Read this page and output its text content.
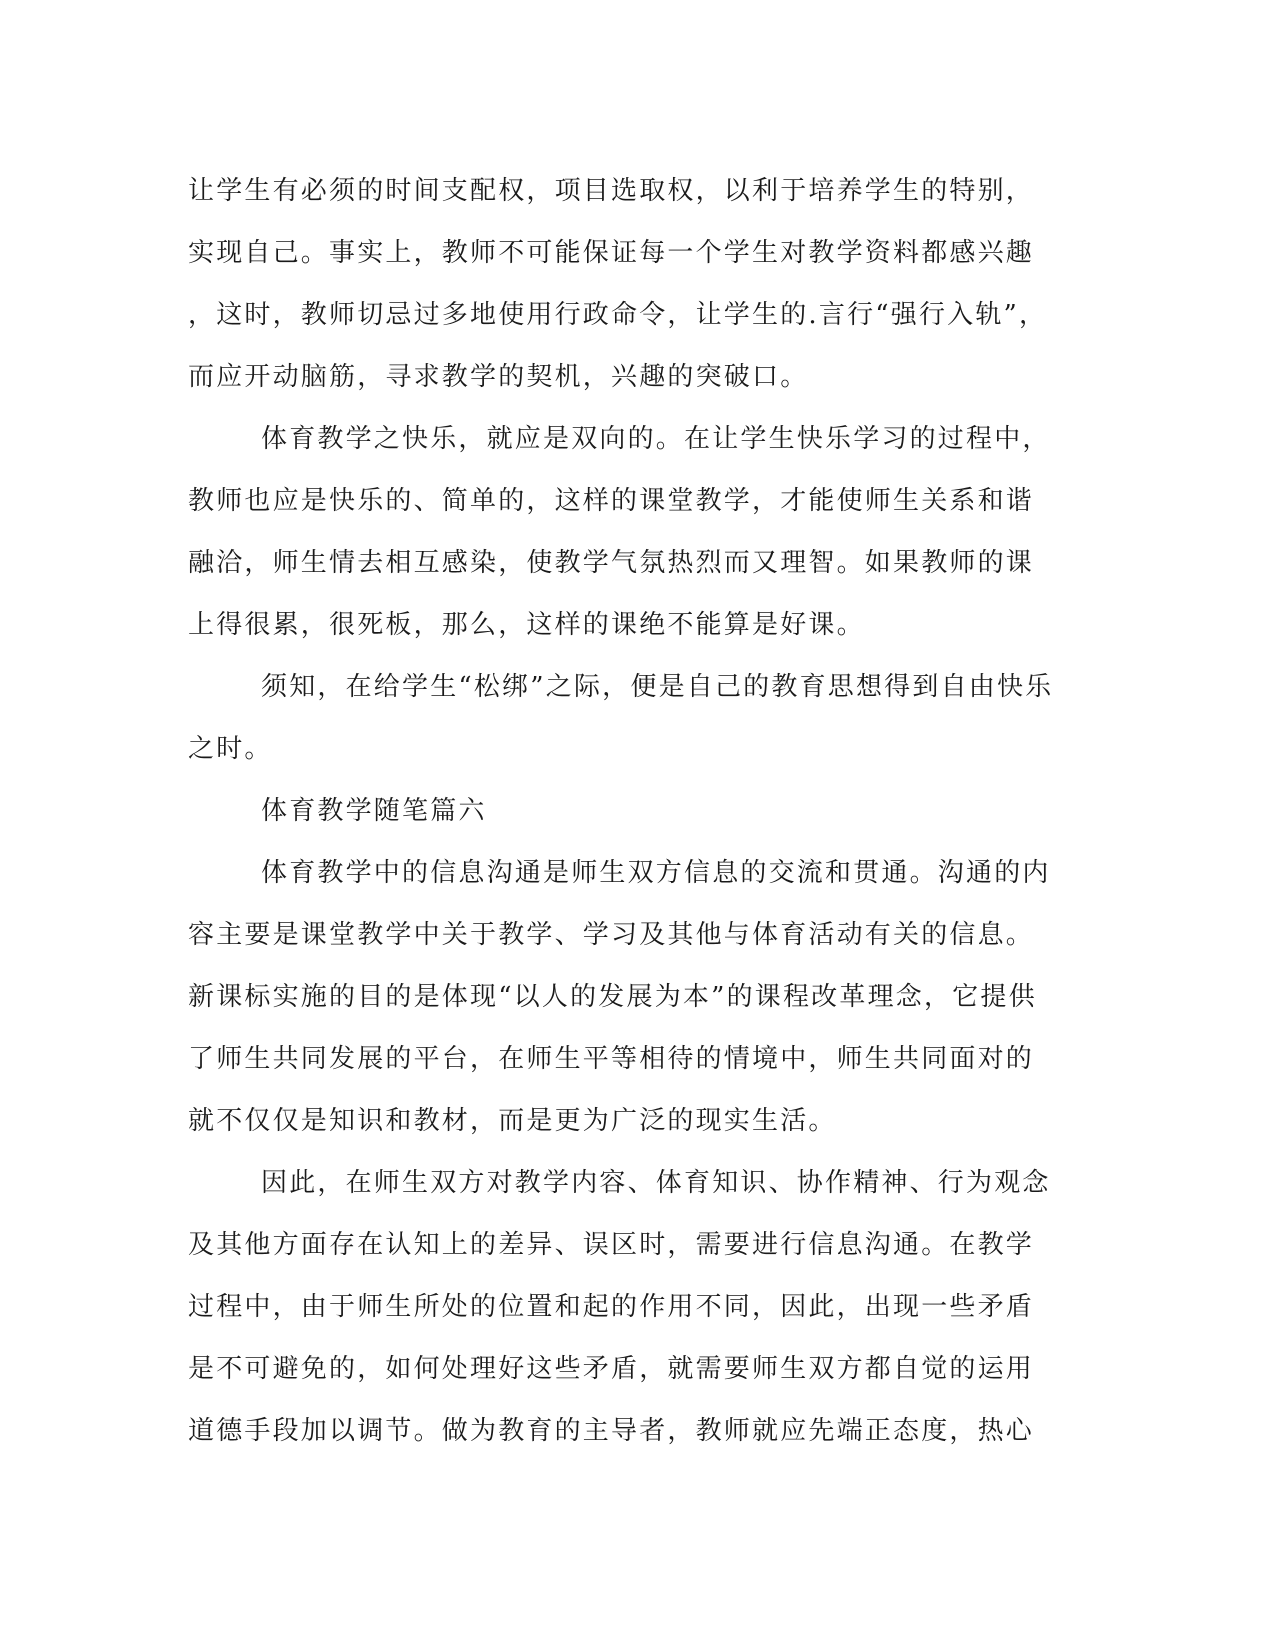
让学生有必须的时间支配权，项目选取权，以利于培养学生的特别，
实现自己。事实上，教师不可能保证每一个学生对教学资料都感兴趣
，这时，教师切忌过多地使用行政命令，让学生的.言行“强行入轨”，
而应开动脑筋，寻求教学的契机，兴趣的突破口。
体育教学之快乐，就应是双向的。在让学生快乐学习的过程中，
教师也应是快乐的、简单的，这样的课堂教学，才能使师生关系和谐
融洽，师生情去相互感染，使教学气氛热烈而又理智。如果教师的课
上得很累，很死板，那么，这样的课绝不能算是好课。
须知，在给学生“松绑”之际，便是自己的教育思想得到自由快乐
之时。
体育教学随笔篇六
体育教学中的信息沟通是师生双方信息的交流和贯通。沟通的内
容主要是课堂教学中关于教学、学习及其他与体育活动有关的信息。
新课标实施的目的是体现“以人的发展为本”的课程改革理念，它提供
了师生共同发展的平台，在师生平等相待的情境中，师生共同面对的
就不仅仅是知识和教材，而是更为广泛的现实生活。
因此，在师生双方对教学内容、体育知识、协作精神、行为观念
及其他方面存在认知上的差异、误区时，需要进行信息沟通。在教学
过程中，由于师生所处的位置和起的作用不同，因此，出现一些矛盾
是不可避免的，如何处理好这些矛盾，就需要师生双方都自觉的运用
道德手段加以调节。做为教育的主导者，教师就应先端正态度，热心
